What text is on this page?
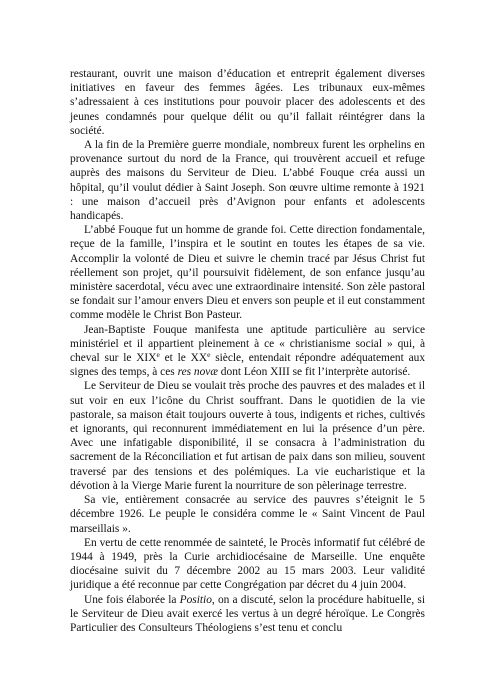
restaurant, ouvrit une maison d’éducation et entreprit également diverses initiatives en faveur des femmes âgées. Les tribunaux eux-mêmes s’adressaient à ces institutions pour pouvoir placer des adolescents et des jeunes condamnés pour quelque délit ou qu’il fallait réintégrer dans la société.

A la fin de la Première guerre mondiale, nombreux furent les orphelins en provenance surtout du nord de la France, qui trouvèrent accueil et refuge auprès des maisons du Serviteur de Dieu. L’abbé Fouque créa aussi un hôpital, qu’il voulut dédier à Saint Joseph. Son œuvre ultime remonte à 1921 : une maison d’accueil près d’Avignon pour enfants et adolescents handicapés.

L’abbé Fouque fut un homme de grande foi. Cette direction fondamentale, reçue de la famille, l’inspira et le soutint en toutes les étapes de sa vie. Accomplir la volonté de Dieu et suivre le chemin tracé par Jésus Christ fut réellement son projet, qu’il poursuivit fidèlement, de son enfance jusqu’au ministère sacerdotal, vécu avec une extraordinaire intensité. Son zèle pastoral se fondait sur l’amour envers Dieu et envers son peuple et il eut constamment comme modèle le Christ Bon Pasteur.

Jean-Baptiste Fouque manifesta une aptitude particulière au service ministériel et il appartient pleinement à ce « christianisme social » qui, à cheval sur le XIXe et le XXe siècle, entendait répondre adéquatement aux signes des temps, à ces res novæ dont Léon XIII se fit l’interprète autorisé.

Le Serviteur de Dieu se voulait très proche des pauvres et des malades et il sut voir en eux l’icône du Christ souffrant. Dans le quotidien de la vie pastorale, sa maison était toujours ouverte à tous, indigents et riches, cultivés et ignorants, qui reconnurent immédiatement en lui la présence d’un père. Avec une infatigable disponibilité, il se consacra à l’administration du sacrement de la Réconciliation et fut artisan de paix dans son milieu, souvent traversé par des tensions et des polémiques. La vie eucharistique et la dévotion à la Vierge Marie furent la nourriture de son pèlerinage terrestre.

Sa vie, entièrement consacrée au service des pauvres s’éteignit le 5 décembre 1926. Le peuple le considéra comme le « Saint Vincent de Paul marseillais ».

En vertu de cette renommée de sainteté, le Procès informatif fut célébré de 1944 à 1949, près la Curie archidiocésaine de Marseille. Une enquête diocésaine suivit du 7 décembre 2002 au 15 mars 2003. Leur validité juridique a été reconnue par cette Congrégation par décret du 4 juin 2004.

Une fois élaborée la Positio, on a discuté, selon la procédure habituelle, si le Serviteur de Dieu avait exercé les vertus à un degré héroïque. Le Congrès Particulier des Consulteurs Théologiens s’est tenu et conclu
